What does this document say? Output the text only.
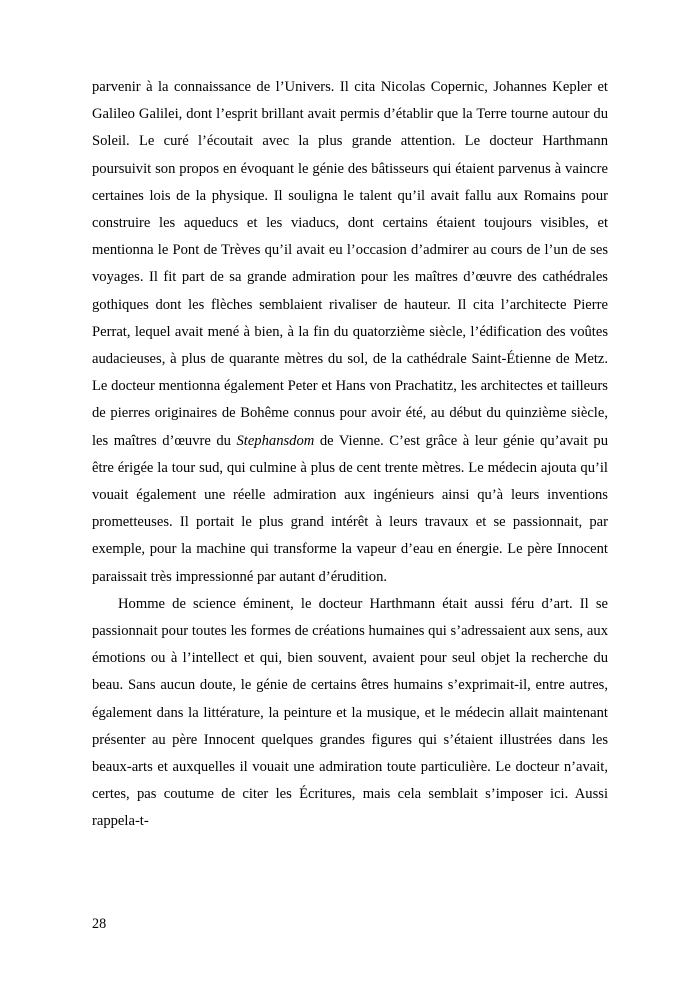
parvenir à la connaissance de l’Univers. Il cita Nicolas Copernic, Johannes Kepler et Galileo Galilei, dont l’esprit brillant avait permis d’établir que la Terre tourne autour du Soleil. Le curé l’écoutait avec la plus grande attention. Le docteur Harthmann poursuivit son propos en évoquant le génie des bâtisseurs qui étaient parvenus à vaincre certaines lois de la physique. Il souligna le talent qu’il avait fallu aux Romains pour construire les aqueducs et les viaducs, dont certains étaient toujours visibles, et mentionna le Pont de Trèves qu’il avait eu l’occasion d’admirer au cours de l’un de ses voyages. Il fit part de sa grande admiration pour les maîtres d’œuvre des cathédrales gothiques dont les flèches semblaient rivaliser de hauteur. Il cita l’architecte Pierre Perrat, lequel avait mené à bien, à la fin du quatorzième siècle, l’édification des voûtes audacieuses, à plus de quarante mètres du sol, de la cathédrale Saint-Étienne de Metz. Le docteur mentionna également Peter et Hans von Prachatitz, les architectes et tailleurs de pierres originaires de Bohême connus pour avoir été, au début du quinzième siècle, les maîtres d’œuvre du Stephansdom de Vienne. C’est grâce à leur génie qu’avait pu être érigée la tour sud, qui culmine à plus de cent trente mètres. Le médecin ajouta qu’il vouait également une réelle admiration aux ingénieurs ainsi qu’à leurs inventions prometteuses. Il portait le plus grand intérêt à leurs travaux et se passionnait, par exemple, pour la machine qui transforme la vapeur d’eau en énergie. Le père Innocent paraissait très impressionné par autant d’érudition.

Homme de science éminent, le docteur Harthmann était aussi féru d’art. Il se passionnait pour toutes les formes de créations humaines qui s’adressaient aux sens, aux émotions ou à l’intellect et qui, bien souvent, avaient pour seul objet la recherche du beau. Sans aucun doute, le génie de certains êtres humains s’exprimait-il, entre autres, également dans la littérature, la peinture et la musique, et le médecin allait maintenant présenter au père Innocent quelques grandes figures qui s’étaient illustrées dans les beaux-arts et auxquelles il vouait une admiration toute particulière. Le docteur n’avait, certes, pas coutume de citer les Écritures, mais cela semblait s’imposer ici. Aussi rappela-t-

28
